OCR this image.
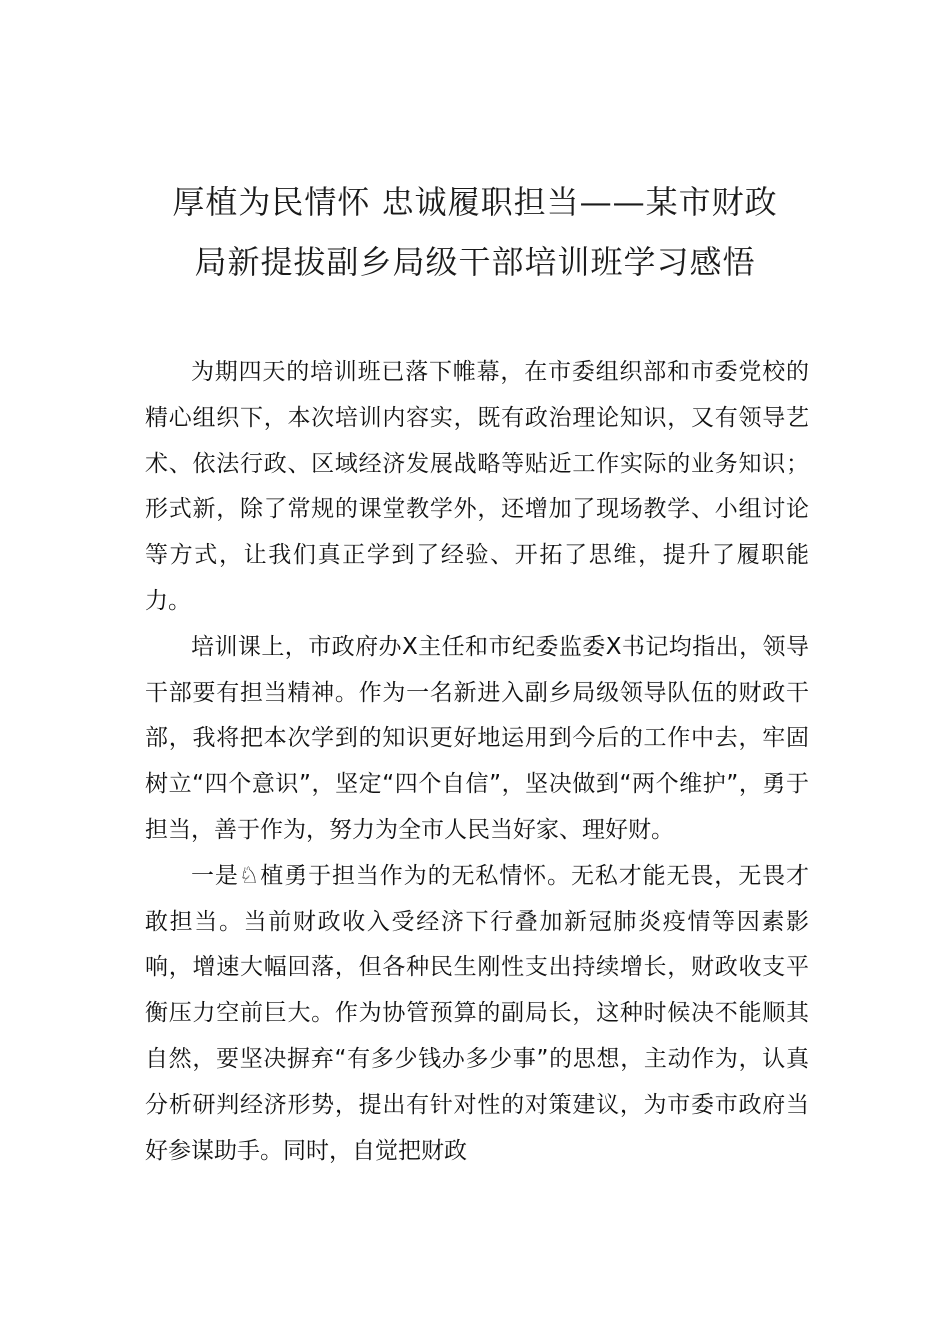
厚植为民情怀 忠诚履职担当——某市财政
局新提拔副乡局级干部培训班学习感悟

为期四天的培训班已落下帷幕，在市委组织部和市委党校的精心组织下，本次培训内容实，既有政治理论知识，又有领导艺术、依法行政、区域经济发展战略等贴近工作实际的业务知识；形式新，除了常规的课堂教学外，还增加了现场教学、小组讨论等方式，让我们真正学到了经验、开拓了思维，提升了履职能力。

培训课上，市政府办X主任和市纪委监委X书记均指出，领导干部要有担当精神。作为一名新进入副乡局级领导队伍的财政干部，我将把本次学到的知识更好地运用到今后的工作中去，牢固树立“四个意识”，坚定“四个自信”，坚决做到“两个维护”，勇于担当，善于作为，努力为全市人民当好家、理好财。

一是♘植勇于担当作为的无私情怀。无私才能无畏，无畏才敢担当。当前财政收入受经济下行叠加新冠肺炎疫情等因素影响，增速大幅回落，但各种民生刚性支出持续增长，财政收支平衡压力空前巨大。作为协管预算的副局长，这种时候决不能顺其自然，要坚决摒弃“有多少钱办多少事”的思想，主动作为，认真分析研判经济形势，提出有针对性的对策建议，为市委市政府当好参谋助手。同时，自觉把财政
